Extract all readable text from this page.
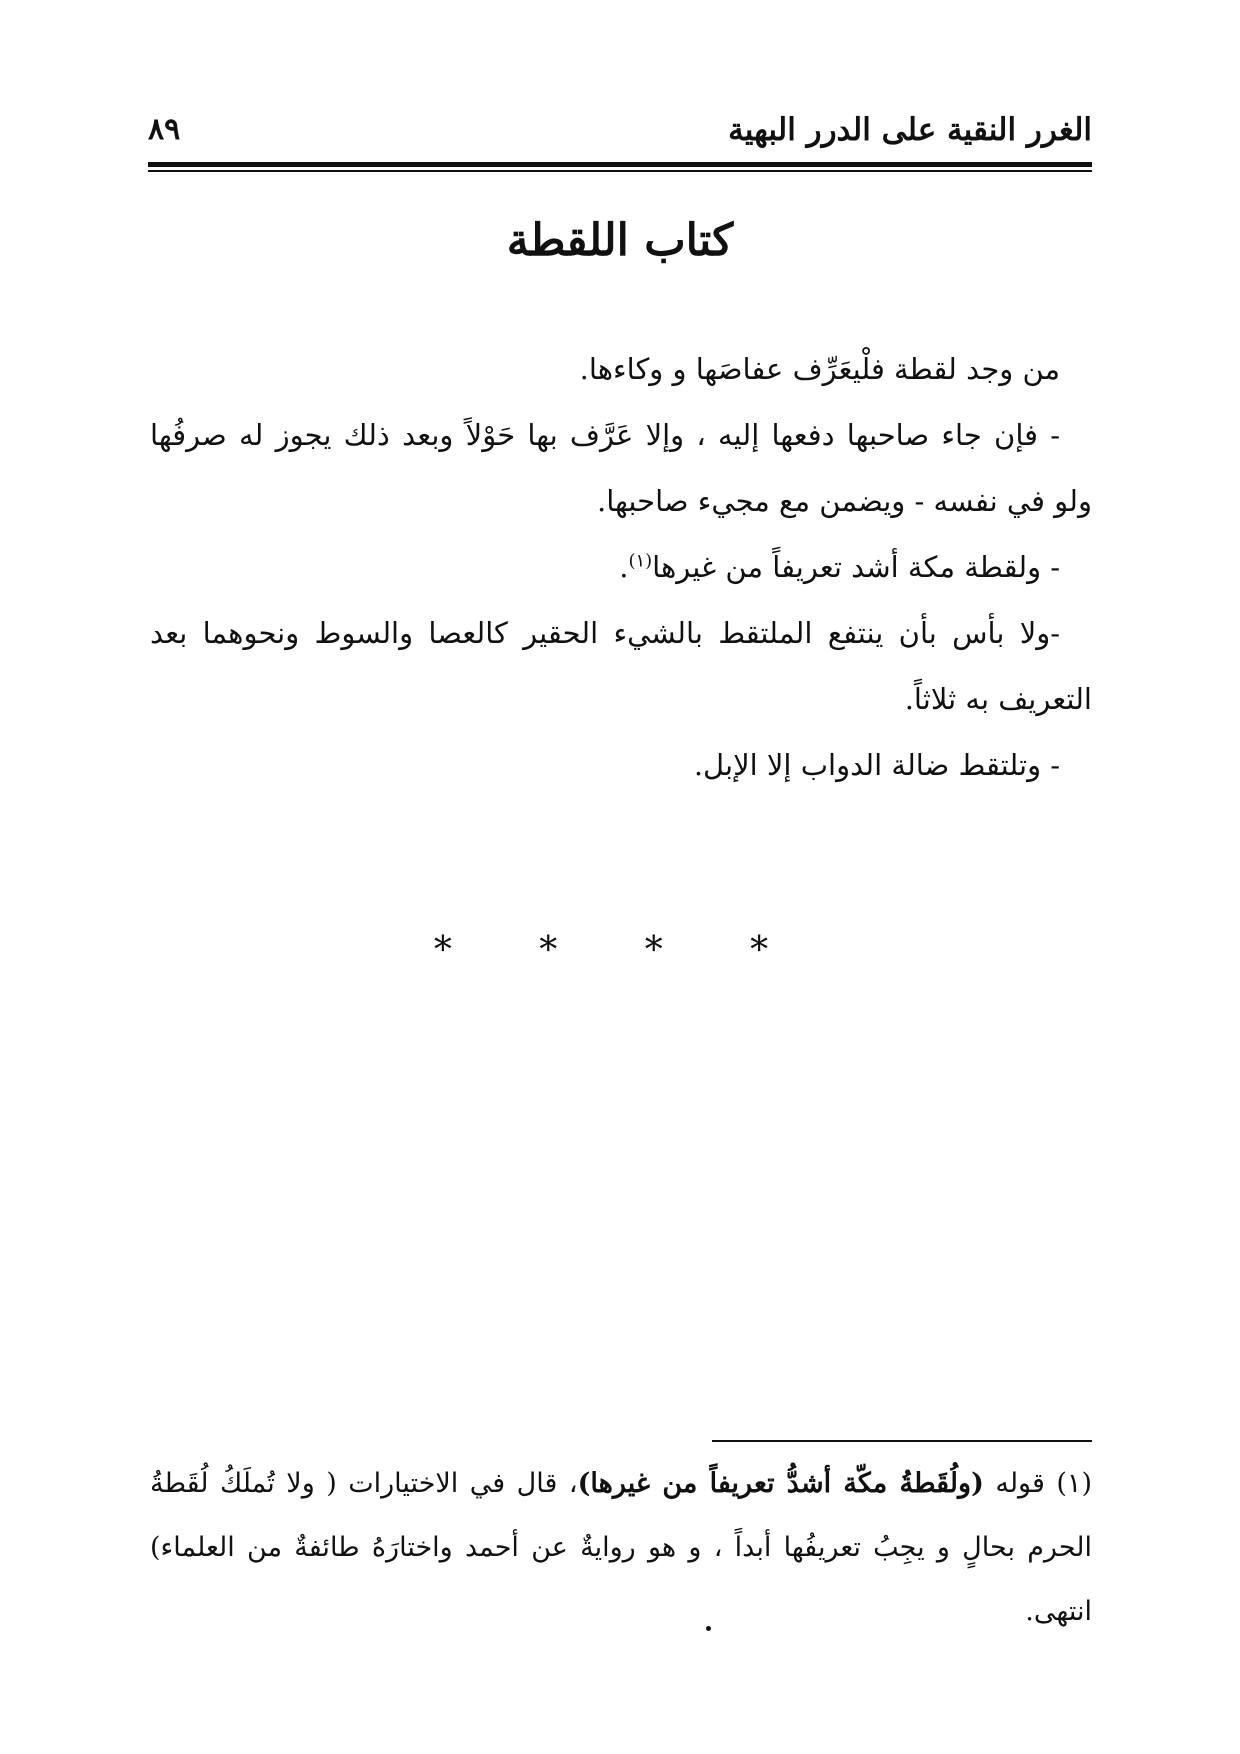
الغرر النقية على الدرر البهية
٨٩
كتاب اللقطة

من وجد لقطة فلْيعَرِّف عفاصَها و وكاءها.

- فإن جاء صاحبها دفعها إليه ، وإلا عَرَّف بها حَوْلاً وبعد ذلك يجوز له صرفُها ولو في نفسه - ويضمن مع مجيء صاحبها.

- ولقطة مكة أشد تعريفاً من غيرها$^{(١)}$.

-ولا بأس بأن ينتفع الملتقط بالشيء الحقير كالعصا والسوط ونحوهما بعد التعريف به ثلاثاً.

- وتلتقط ضالة الدواب إلا الإبل.

* * * *

(١) قوله (ولُقَطةُ مكّة أشدُّ تعريفاً من غيرها)، قال في الاختيارات ( ولا تُملَكُ لُقَطةُ الحرم بحالٍ و يجِبُ تعريفُها أبداً ، و هو روايةٌ عن أحمد واختارَهُ طائفةٌ من العلماء) انتهى.
